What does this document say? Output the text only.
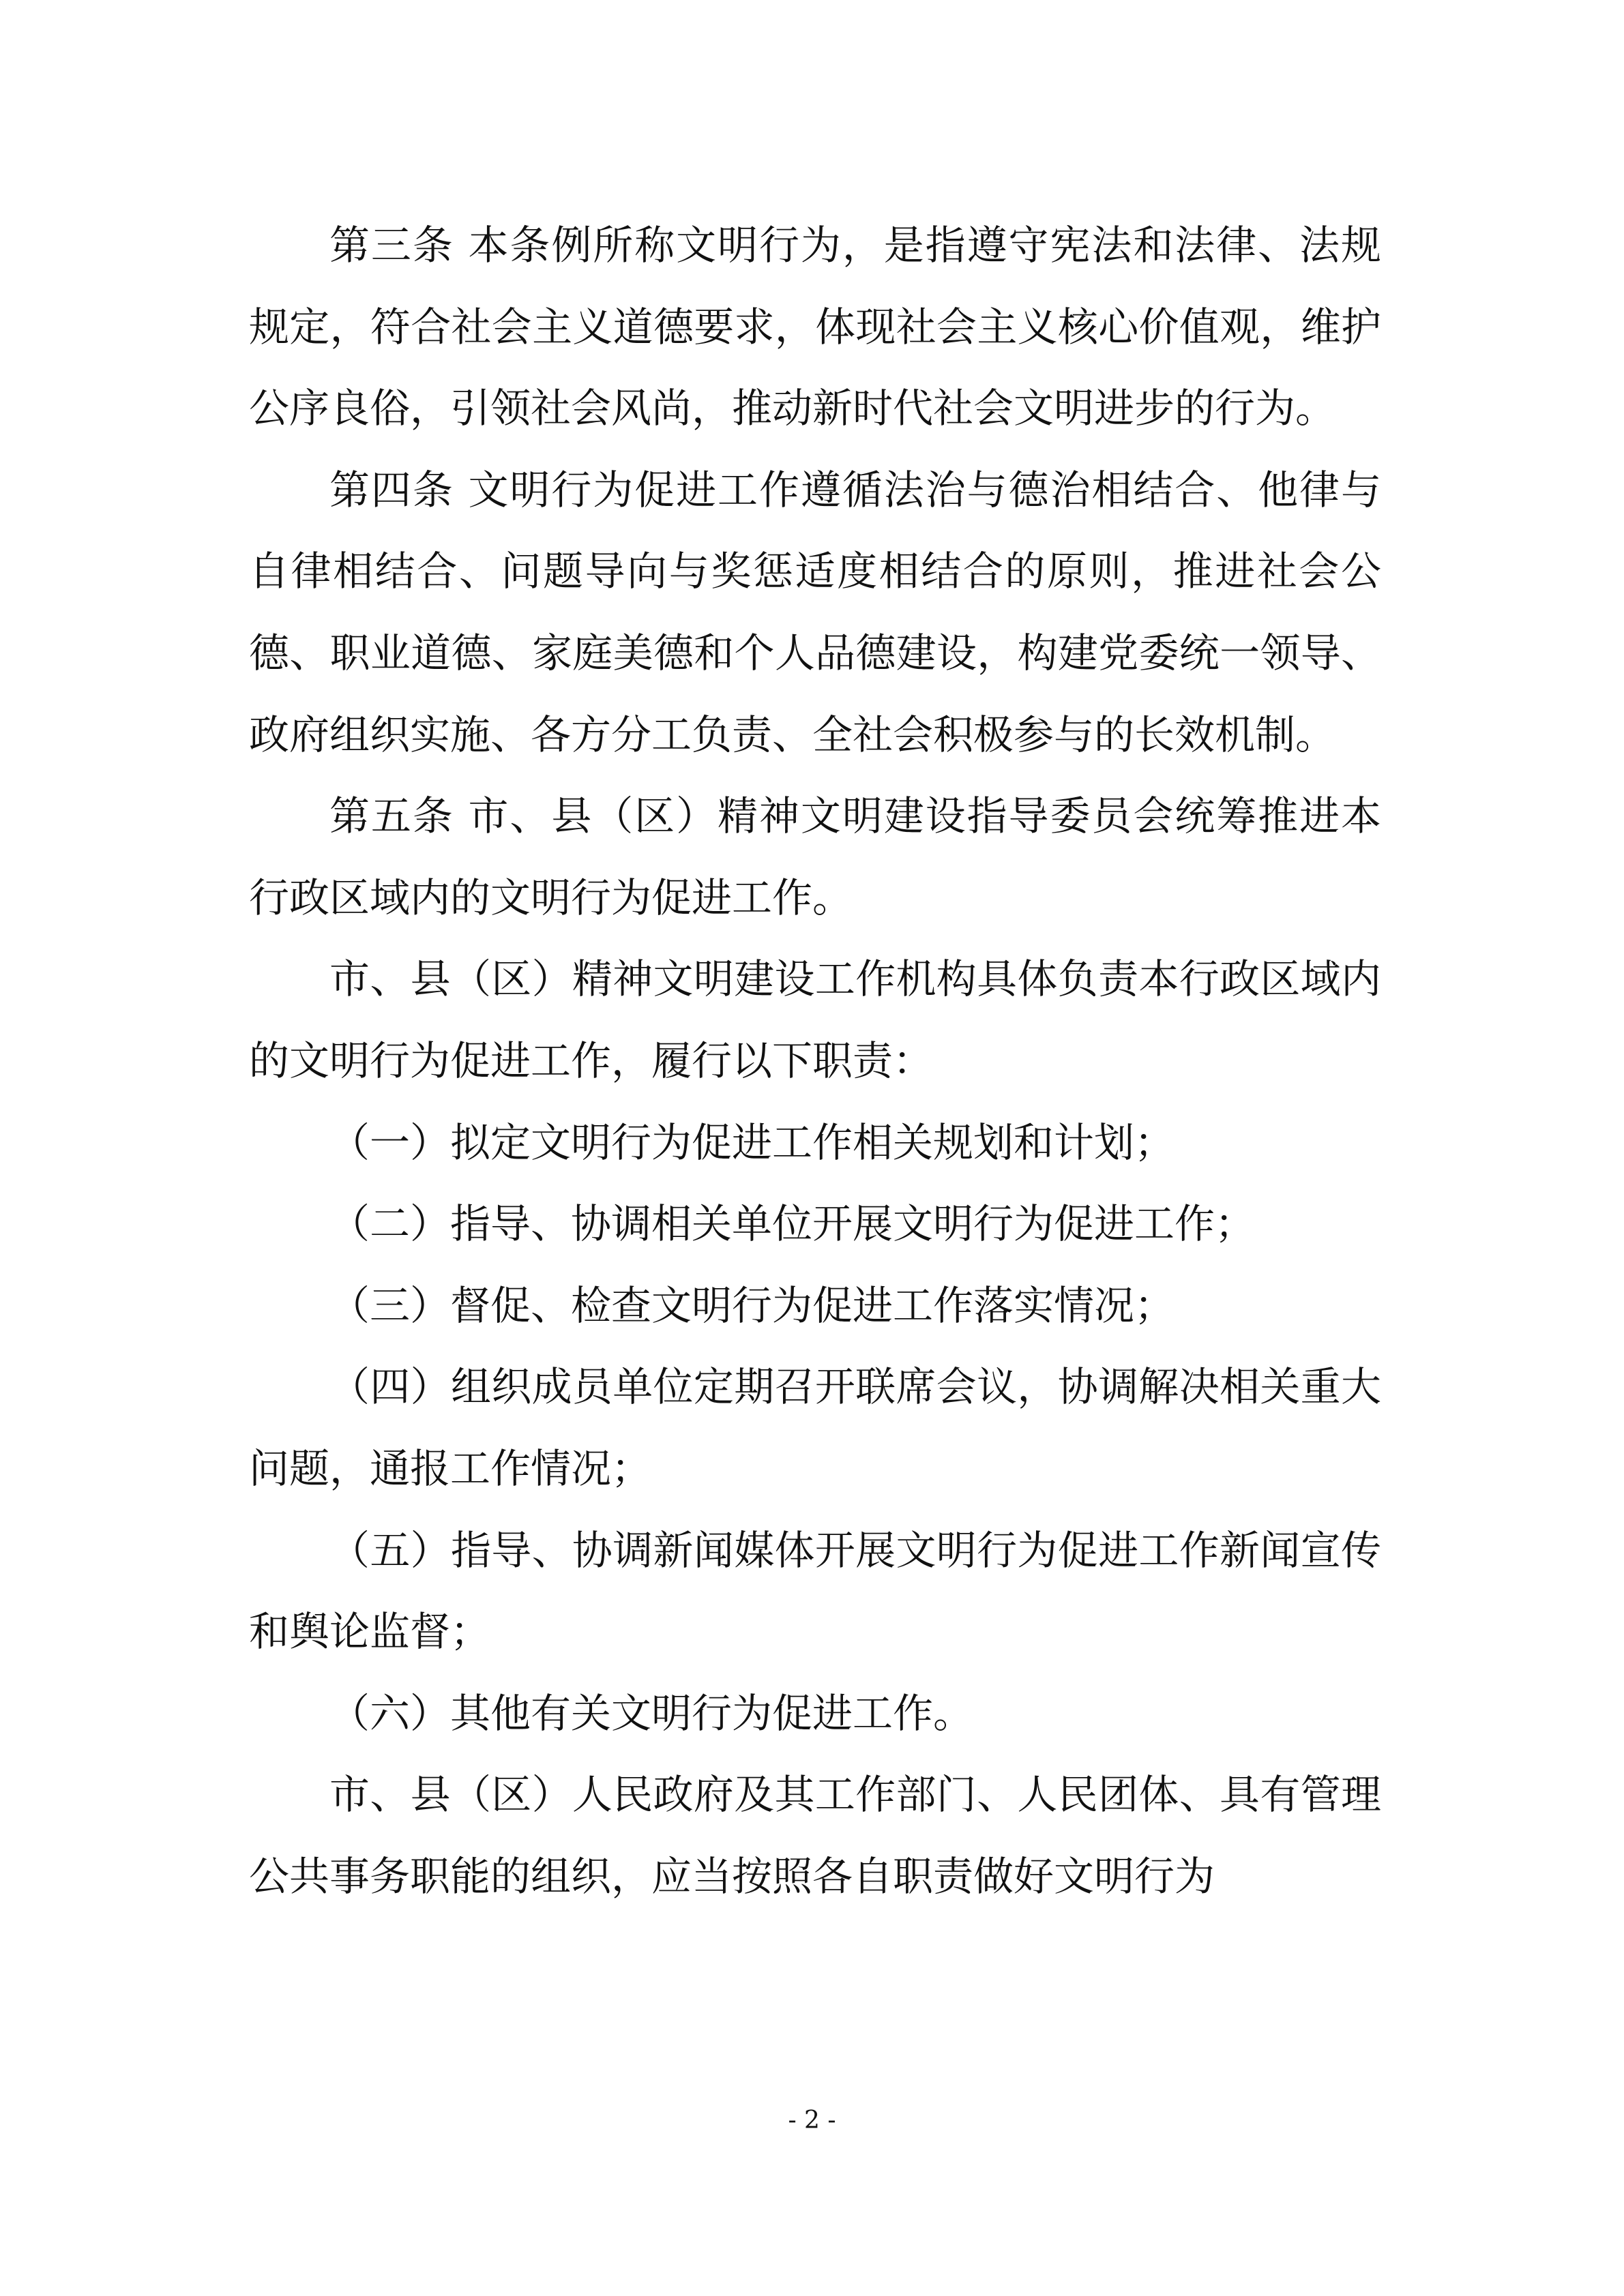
第三条 本条例所称文明行为，是指遵守宪法和法律、法规规定，符合社会主义道德要求，体现社会主义核心价值观，维护公序良俗，引领社会风尚，推动新时代社会文明进步的行为。

第四条 文明行为促进工作遵循法治与德治相结合、他律与自律相结合、问题导向与奖惩适度相结合的原则，推进社会公德、职业道德、家庭美德和个人品德建设，构建党委统一领导、政府组织实施、各方分工负责、全社会积极参与的长效机制。

第五条 市、县（区）精神文明建设指导委员会统筹推进本行政区域内的文明行为促进工作。

市、县（区）精神文明建设工作机构具体负责本行政区域内的文明行为促进工作，履行以下职责：

（一）拟定文明行为促进工作相关规划和计划；

（二）指导、协调相关单位开展文明行为促进工作；

（三）督促、检查文明行为促进工作落实情况；

（四）组织成员单位定期召开联席会议，协调解决相关重大问题，通报工作情况；

（五）指导、协调新闻媒体开展文明行为促进工作新闻宣传和舆论监督；

（六）其他有关文明行为促进工作。

市、县（区）人民政府及其工作部门、人民团体、具有管理公共事务职能的组织，应当按照各自职责做好文明行为

- 2 -
